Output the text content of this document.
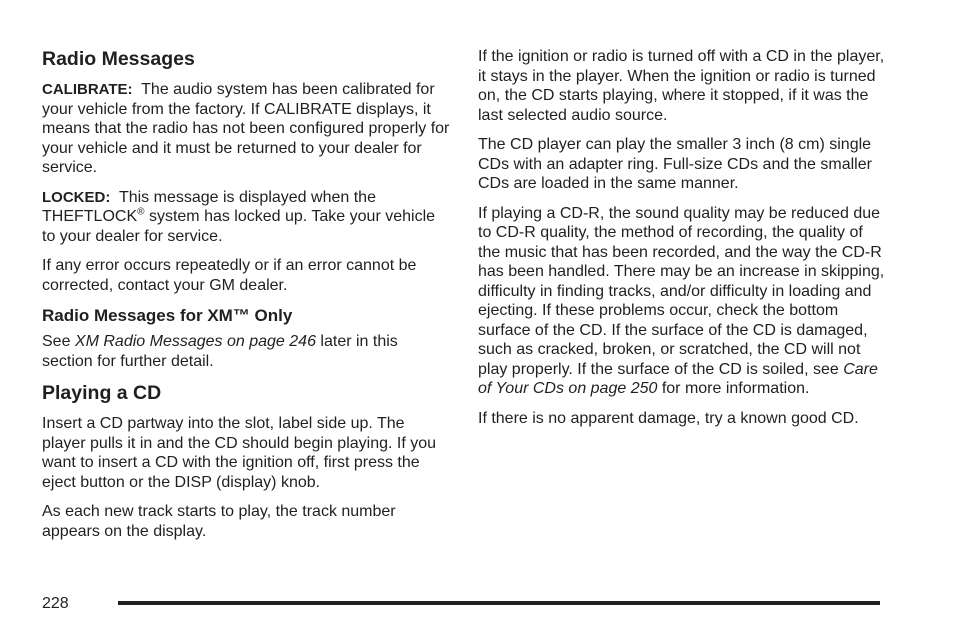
Radio Messages

CALIBRATE: The audio system has been calibrated for your vehicle from the factory. If CALIBRATE displays, it means that the radio has not been configured properly for your vehicle and it must be returned to your dealer for service.

LOCKED: This message is displayed when the THEFTLOCK® system has locked up. Take your vehicle to your dealer for service.

If any error occurs repeatedly or if an error cannot be corrected, contact your GM dealer.

Radio Messages for XM™ Only

See XM Radio Messages on page 246 later in this section for further detail.

Playing a CD

Insert a CD partway into the slot, label side up. The player pulls it in and the CD should begin playing. If you want to insert a CD with the ignition off, first press the eject button or the DISP (display) knob.

As each new track starts to play, the track number appears on the display.

If the ignition or radio is turned off with a CD in the player, it stays in the player. When the ignition or radio is turned on, the CD starts playing, where it stopped, if it was the last selected audio source.

The CD player can play the smaller 3 inch (8 cm) single CDs with an adapter ring. Full-size CDs and the smaller CDs are loaded in the same manner.

If playing a CD-R, the sound quality may be reduced due to CD-R quality, the method of recording, the quality of the music that has been recorded, and the way the CD-R has been handled. There may be an increase in skipping, difficulty in finding tracks, and/or difficulty in loading and ejecting. If these problems occur, check the bottom surface of the CD. If the surface of the CD is damaged, such as cracked, broken, or scratched, the CD will not play properly. If the surface of the CD is soiled, see Care of Your CDs on page 250 for more information.

If there is no apparent damage, try a known good CD.

228
